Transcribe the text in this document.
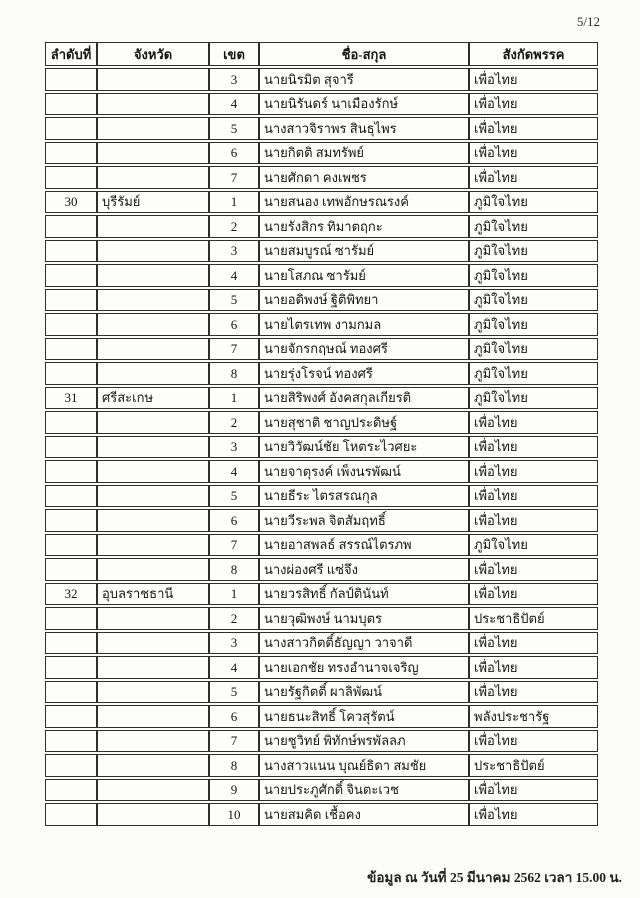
5/12
ลำดับที่	จังหวัด	เขต	ชื่อ-สกุล	สังกัดพรรค
		3	นายนิรมิต สุจารี	เพื่อไทย
		4	นายนิรันดร์ นาเมืองรักษ์	เพื่อไทย
		5	นางสาวจิราพร สินธุไพร	เพื่อไทย
		6	นายกิตติ สมทรัพย์	เพื่อไทย
		7	นายศักดา คงเพชร	เพื่อไทย
30	บุรีรัมย์	1	นายสนอง เทพอักษรณรงค์	ภูมิใจไทย
		2	นายรังสิกร ทิมาตฤกะ	ภูมิใจไทย
		3	นายสมบูรณ์ ซารัมย์	ภูมิใจไทย
		4	นายโสภณ ซารัมย์	ภูมิใจไทย
		5	นายอดิพงษ์ ฐิติพิทยา	ภูมิใจไทย
		6	นายไตรเทพ งามกมล	ภูมิใจไทย
		7	นายจักรกฤษณ์ ทองศรี	ภูมิใจไทย
		8	นายรุ่งโรจน์ ทองศรี	ภูมิใจไทย
31	ศรีสะเกษ	1	นายสิริพงศ์ อังคสกุลเกียรติ	ภูมิใจไทย
		2	นายสุชาติ ชาญประดิษฐ์	เพื่อไทย
		3	นายวิวัฒน์ชัย โหตระไวศยะ	เพื่อไทย
		4	นายจาตุรงค์ เพ็งนรพัฒน์	เพื่อไทย
		5	นายธีระ ไตรสรณกุล	เพื่อไทย
		6	นายวีระพล จิตสัมฤทธิ์	เพื่อไทย
		7	นายอาสพลธ์ สรรณ์ไตรภพ	ภูมิใจไทย
		8	นางผ่องศรี แซ่จึง	เพื่อไทย
32	อุบลราชธานี	1	นายวรสิทธิ์ กัลป์ตินันท์	เพื่อไทย
		2	นายวุฒิพงษ์ นามบุตร	ประชาธิปัตย์
		3	นางสาวกิตติ์ธัญญา วาจาดี	เพื่อไทย
		4	นายเอกชัย ทรงอำนาจเจริญ	เพื่อไทย
		5	นายรัฐกิตติ์ ผาลิพัฒน์	เพื่อไทย
		6	นายธนะสิทธิ์ โควสุรัตน์	พลังประชารัฐ
		7	นายชูวิทย์ พิทักษ์พรพัลลภ	เพื่อไทย
		8	นางสาวแนน บุณย์ธิดา สมชัย	ประชาธิปัตย์
		9	นายประภูศักดิ์ จินตะเวช	เพื่อไทย
		10	นายสมคิด เชื้อคง	เพื่อไทย
ข้อมูล ณ วันที่ 25 มีนาคม 2562 เวลา 15.00 น.
